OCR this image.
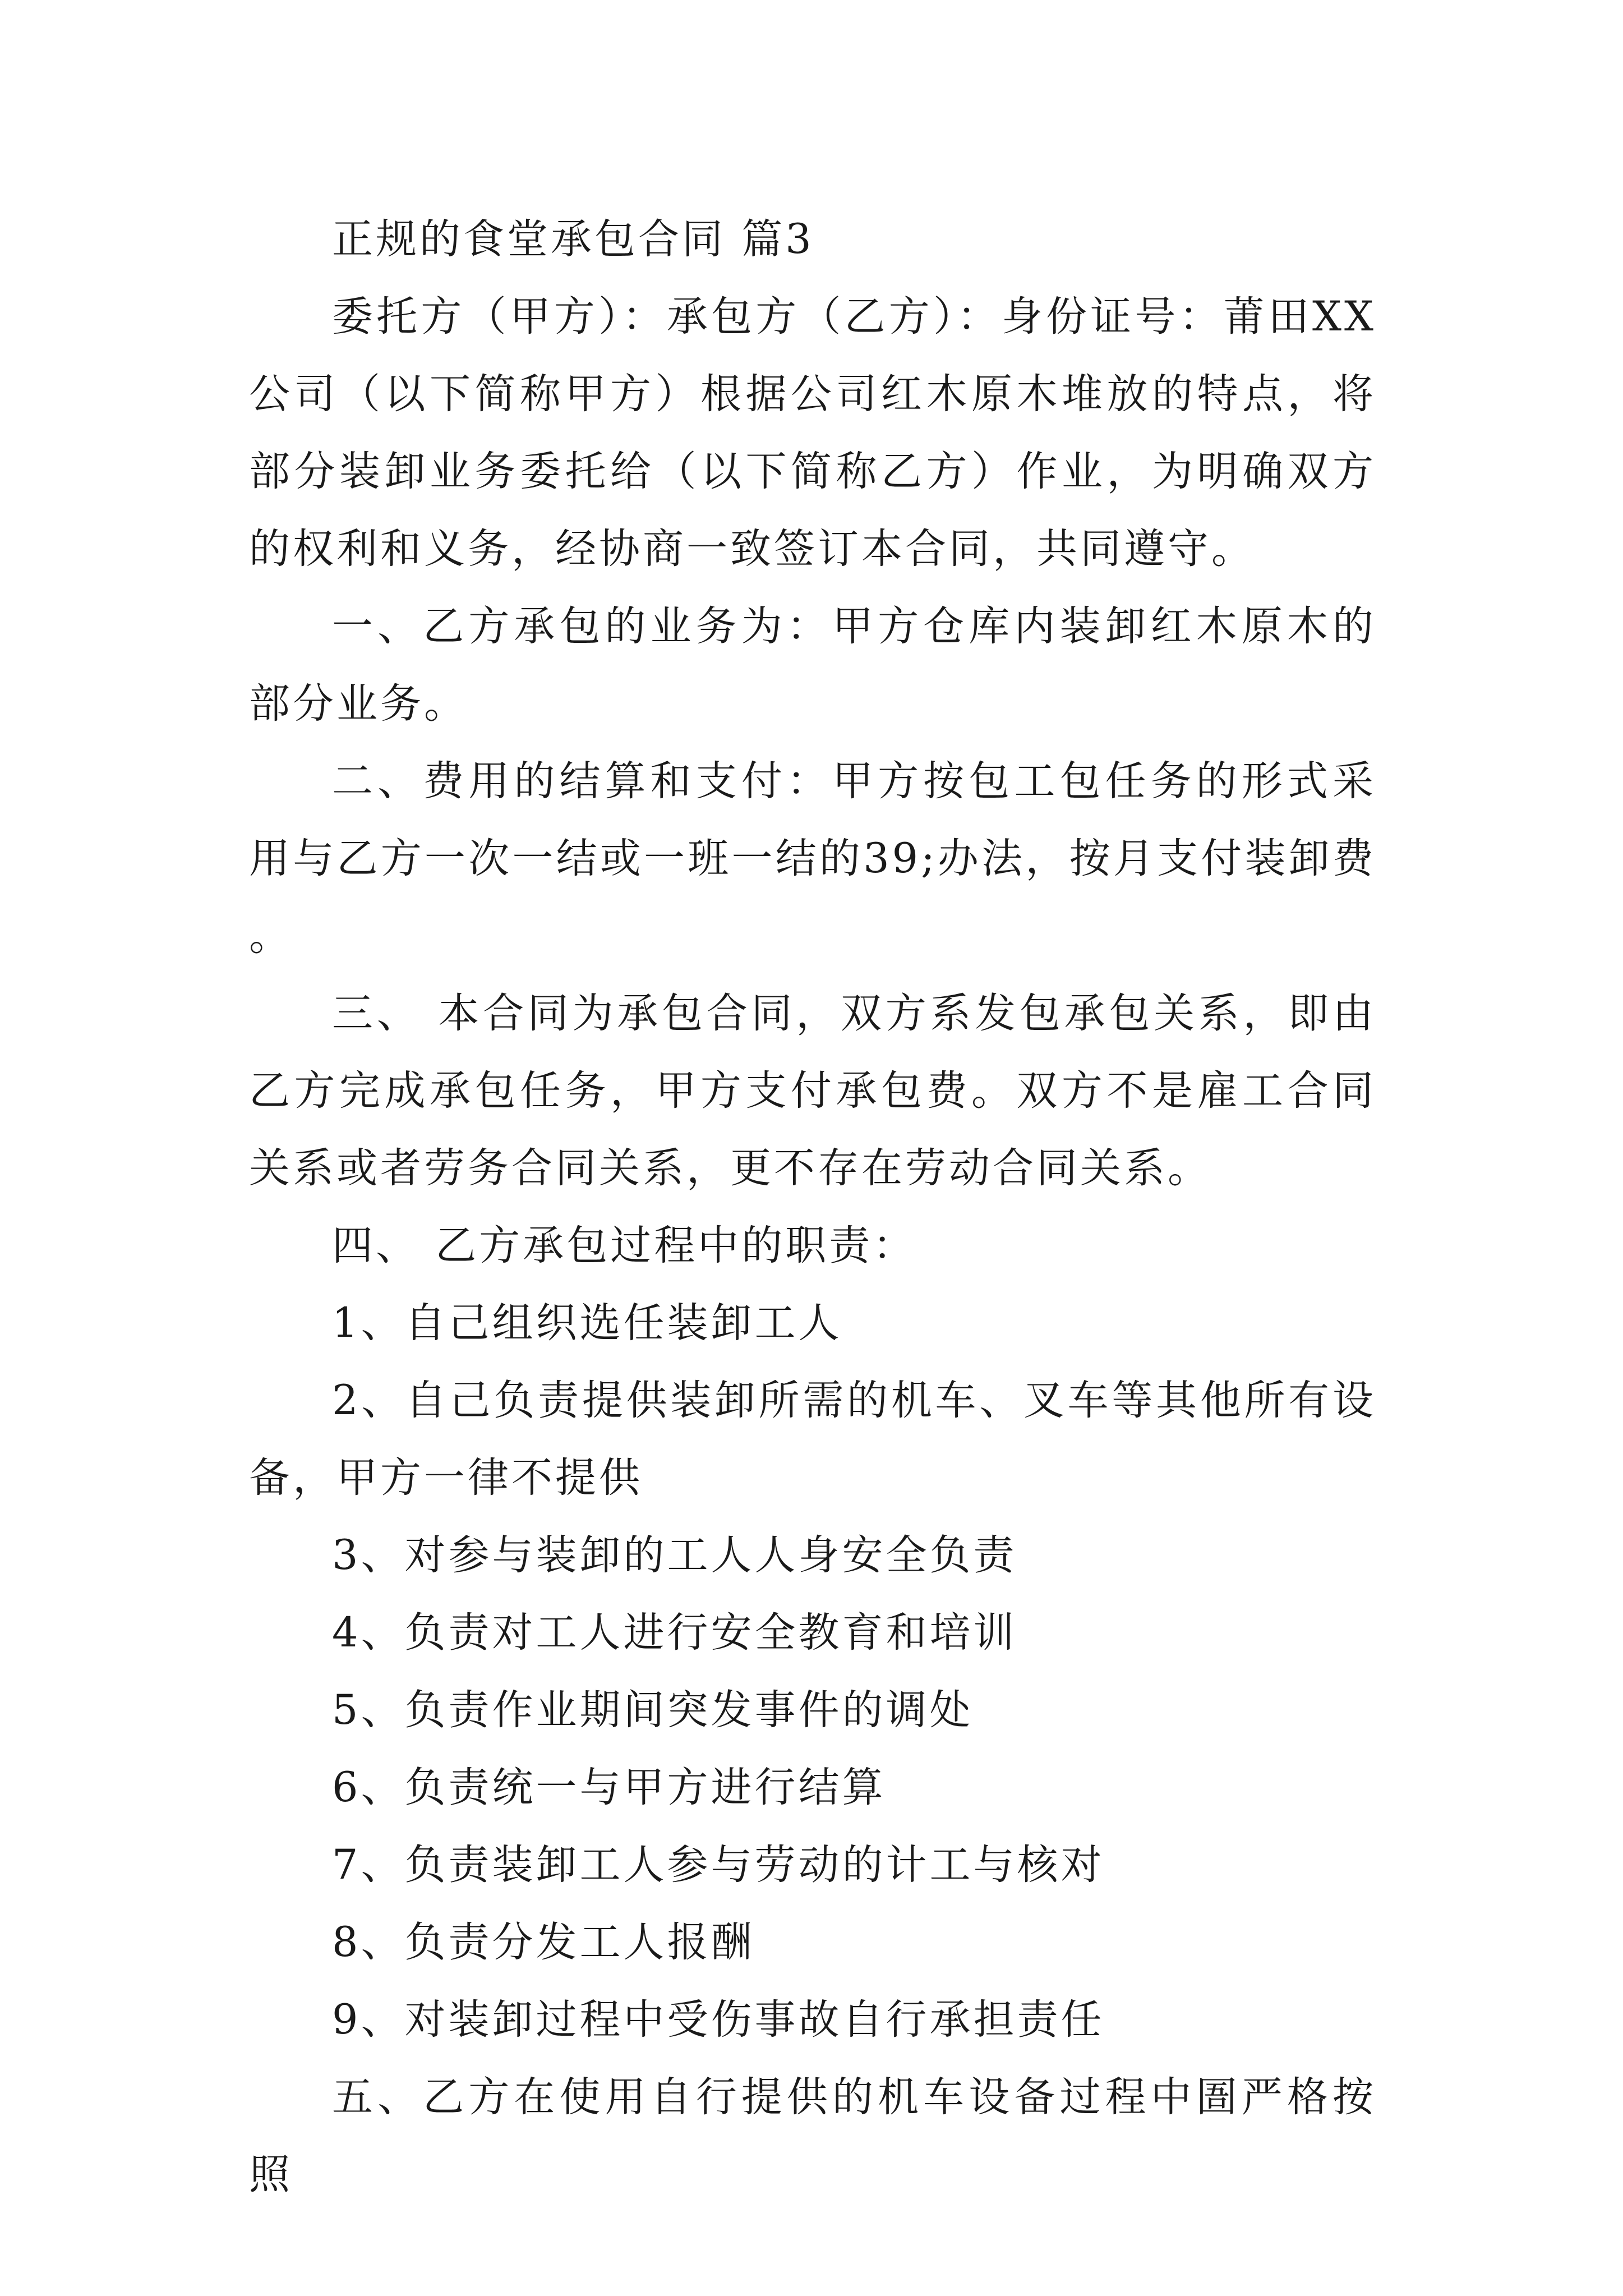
正规的食堂承包合同 篇3

委托方（甲方）：承包方（乙方）：身份证号：莆田XX公司（以下简称甲方）根据公司红木原木堆放的特点，将部分装卸业务委托给（以下简称乙方）作业，为明确双方的权利和义务，经协商一致签订本合同，共同遵守。

一、乙方承包的业务为：甲方仓库内装卸红木原木的部分业务。

二、费用的结算和支付：甲方按包工包任务的形式采用与乙方一次一结或一班一结的39;办法，按月支付装卸费。

三、 本合同为承包合同，双方系发包承包关系，即由乙方完成承包任务，甲方支付承包费。双方不是雇工合同关系或者劳务合同关系，更不存在劳动合同关系。

四、 乙方承包过程中的职责：

1、自己组织选任装卸工人

2、自己负责提供装卸所需的机车、叉车等其他所有设备，甲方一律不提供

3、对参与装卸的工人人身安全负责

4、负责对工人进行安全教育和培训

5、负责作业期间突发事件的调处

6、负责统一与甲方进行结算

7、负责装卸工人参与劳动的计工与核对

8、负责分发工人报酬

9、对装卸过程中受伤事故自行承担责任

五、乙方在使用自行提供的机车设备过程中圄严格按照
